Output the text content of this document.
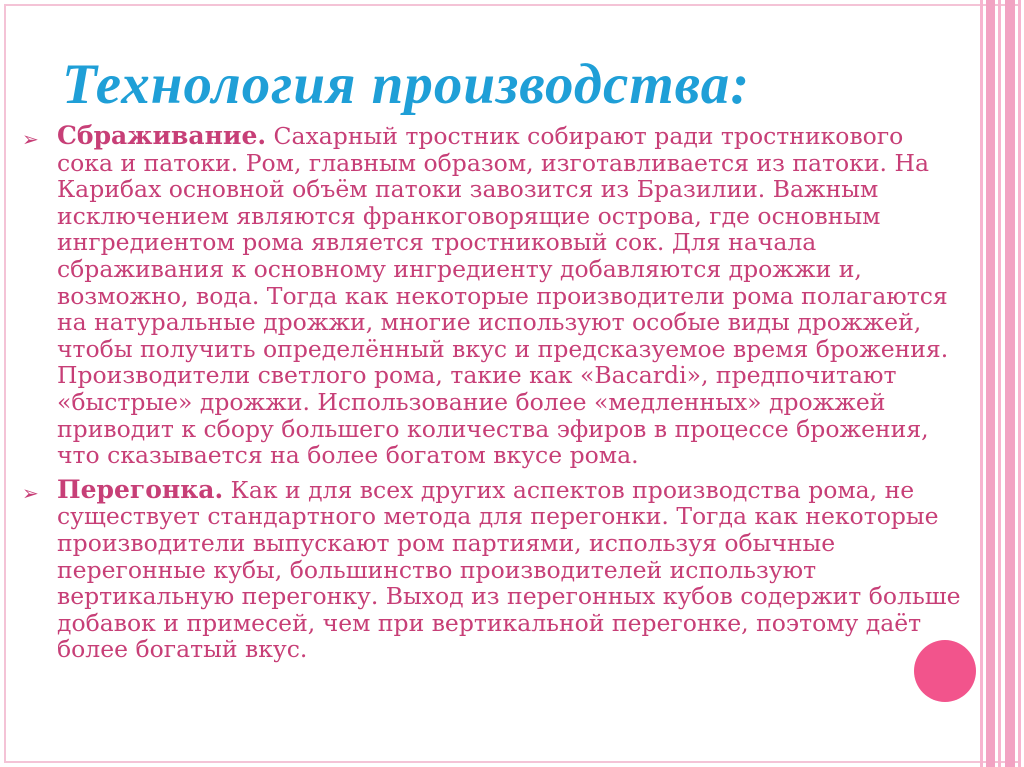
Технология производства:
➢ Сбраживание. Сахарный тростник собирают ради тростникового сока и патоки. Ром, главным образом, изготавливается из патоки. На Карибах основной объём патоки завозится из Бразилии. Важным исключением являются франкоговорящие острова, где основным ингредиентом рома является тростниковый сок. Для начала сбраживания к основному ингредиенту добавляются дрожжи и, возможно, вода. Тогда как некоторые производители рома полагаются на натуральные дрожжи, многие используют особые виды дрожжей, чтобы получить определённый вкус и предсказуемое время брожения. Производители светлого рома, такие как «Bacardi», предпочитают «быстрые» дрожжи. Использование более «медленных» дрожжей приводит к сбору большего количества эфиров в процессе брожения, что сказывается на более богатом вкусе рома.
➢ Перегонка. Как и для всех других аспектов производства рома, не существует стандартного метода для перегонки. Тогда как некоторые производители выпускают ром партиями, используя обычные перегонные кубы, большинство производителей используют вертикальную перегонку. Выход из перегонных кубов содержит больше добавок и примесей, чем при вертикальной перегонке, поэтому даёт более богатый вкус.
